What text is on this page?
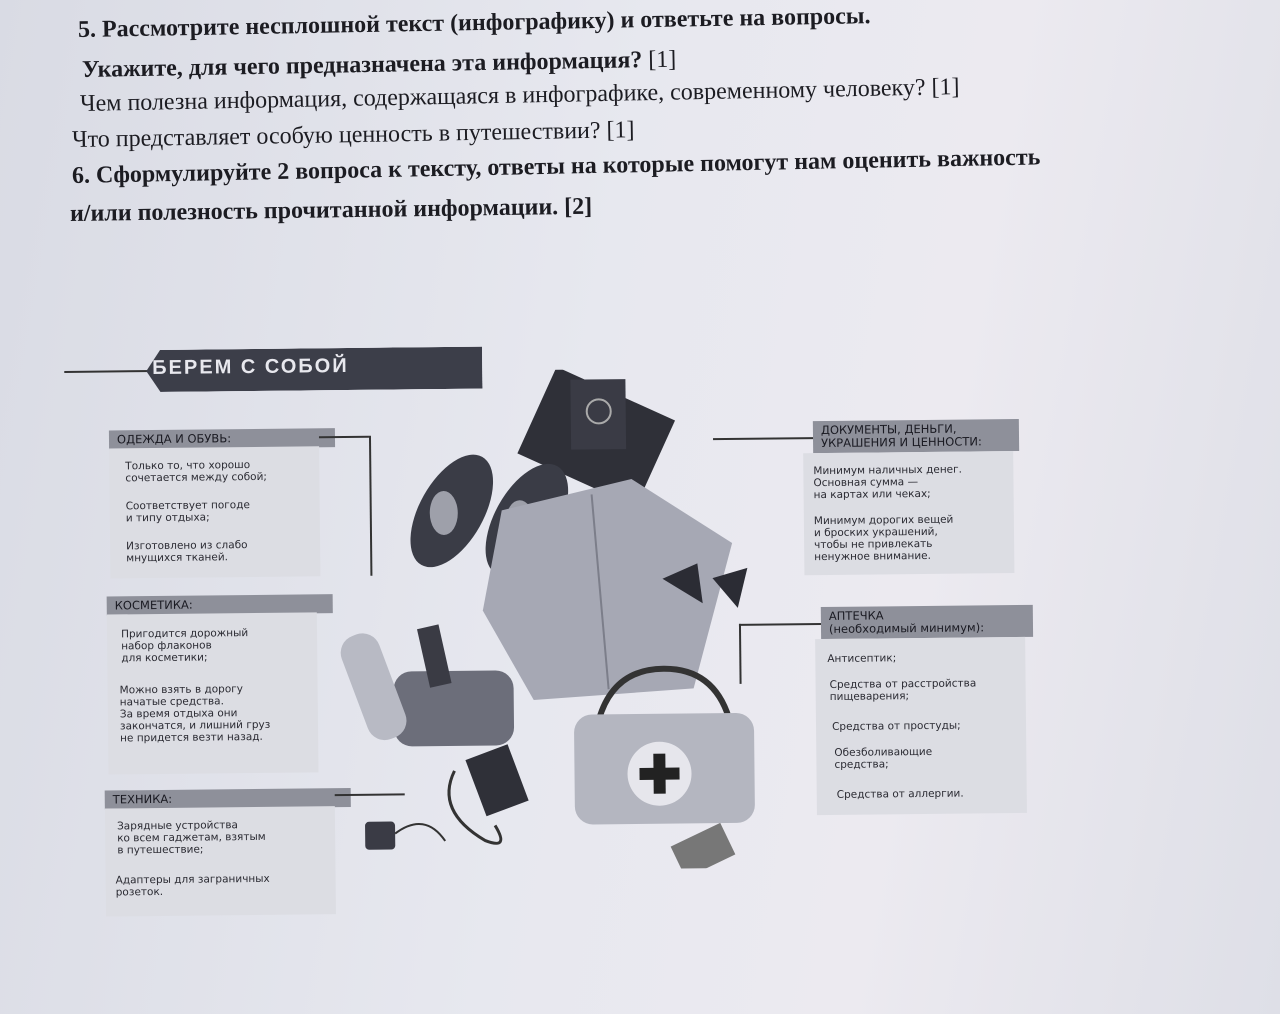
5. Рассмотрите несплошной текст (инфографику) и ответьте на вопросы.
Укажите, для чего предназначена эта информация? [1]
Чем полезна информация, содержащаяся в инфографике, современному человеку? [1]
Что представляет особую ценность в путешествии? [1]
6. Сформулируйте 2 вопроса к тексту, ответы на которые помогут нам оценить важность
и/или полезность прочитанной информации. [2]
БЕРЕМ С СОБОЙ
ОДЕЖДА И ОБУВЬ:
Только то, что хорошо
сочетается между собой;
Соответствует погоде
и типу отдыха;
Изготовлено из слабо
мнущихся тканей.
КОСМЕТИКА:
Пригодится дорожный
набор флаконов
для косметики;
Можно взять в дорогу
начатые средства.
За время отдыха они
закончатся, и лишний груз
не придется везти назад.
ТЕХНИКА:
Зарядные устройства
ко всем гаджетам, взятым
в путешествие;
Адаптеры для заграничных
розеток.
ДОКУМЕНТЫ, ДЕНЬГИ,
УКРАШЕНИЯ И ЦЕННОСТИ:
Минимум наличных денег.
Основная сумма —
на картах или чеках;
Минимум дорогих вещей
и броских украшений,
чтобы не привлекать
ненужное внимание.
АПТЕЧКА
(необходимый минимум):
Антисептик;
Средства от расстройства
пищеварения;
Средства от простуды;
Обезболивающие
средства;
Средства от аллергии.
